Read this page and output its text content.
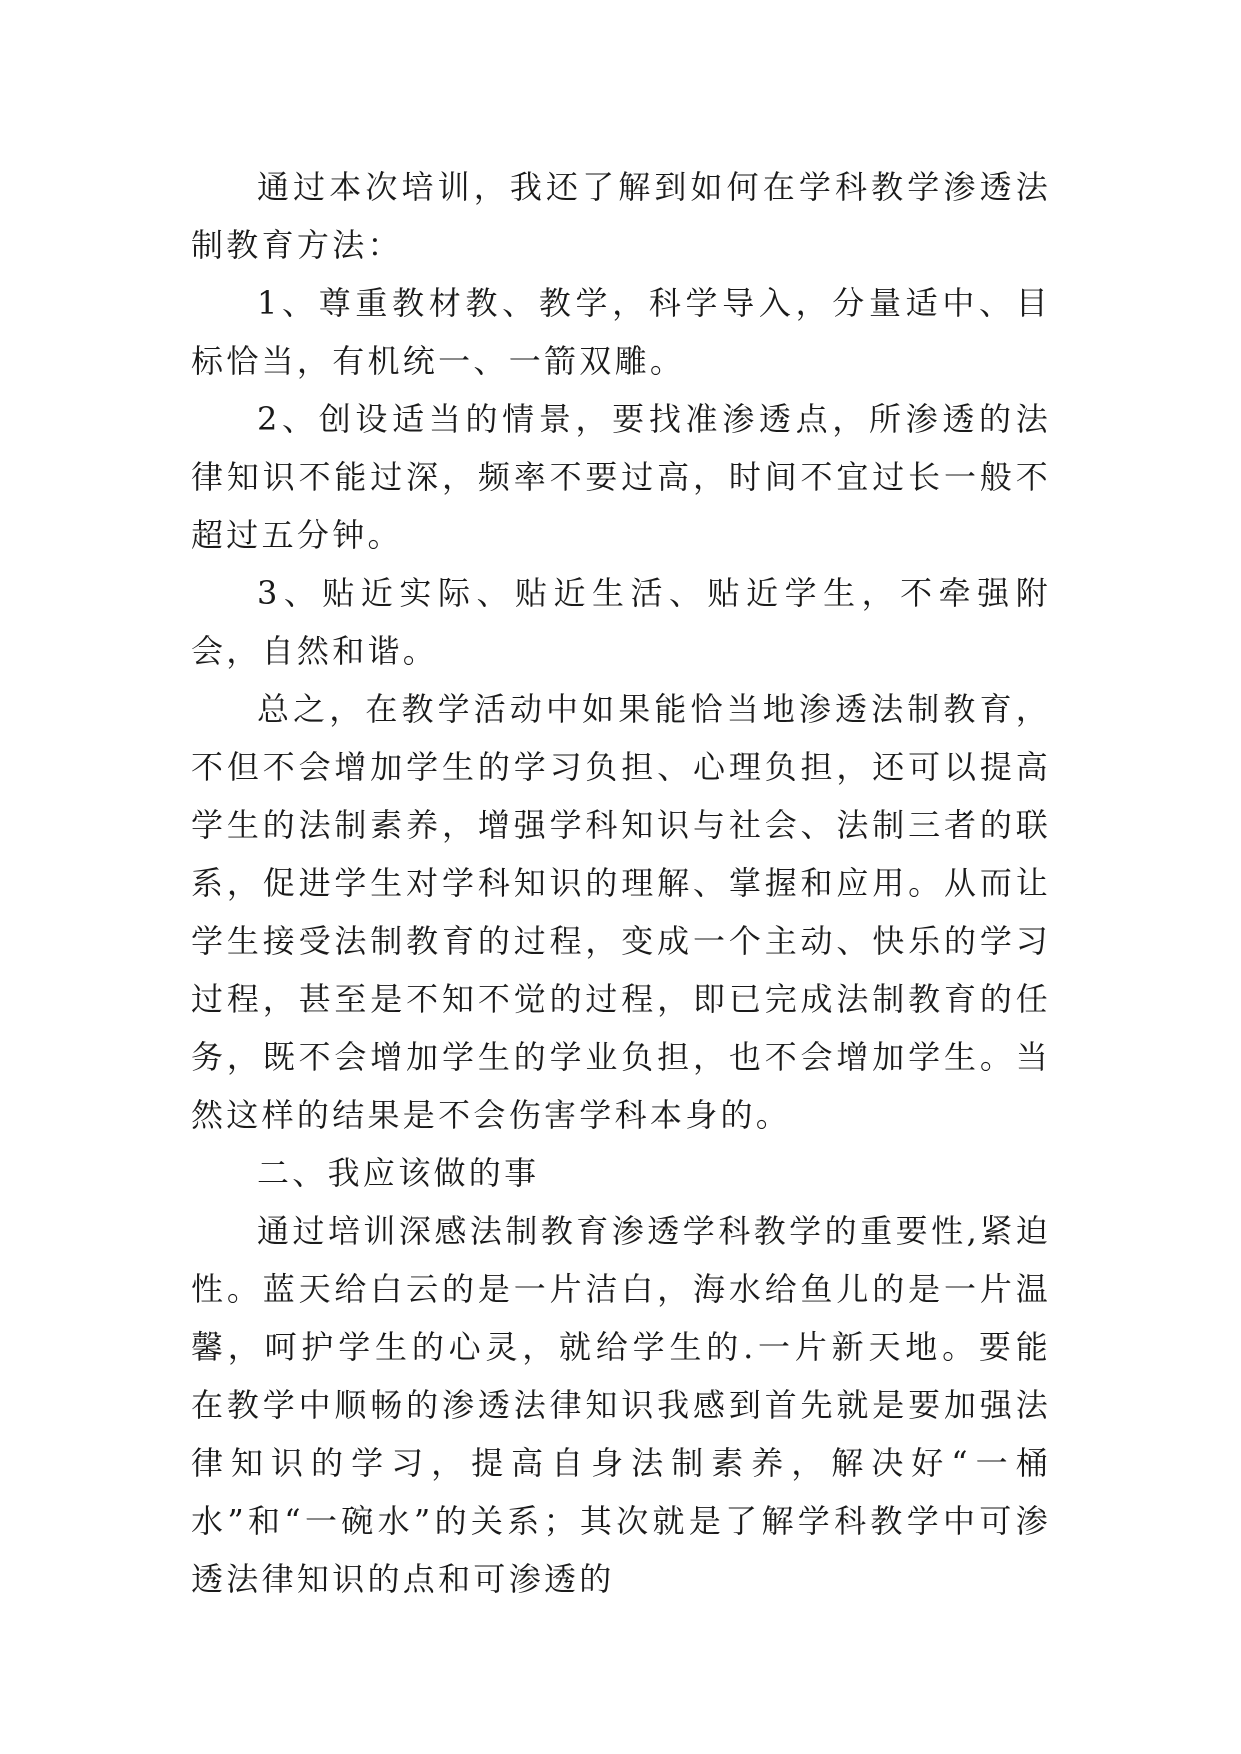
通过本次培训，我还了解到如何在学科教学渗透法制教育方法：

1、尊重教材教、教学，科学导入，分量适中、目标恰当，有机统一、一箭双雕。

2、创设适当的情景，要找准渗透点，所渗透的法律知识不能过深，频率不要过高，时间不宜过长一般不超过五分钟。

3、贴近实际、贴近生活、贴近学生，不牵强附会，自然和谐。

总之，在教学活动中如果能恰当地渗透法制教育，不但不会增加学生的学习负担、心理负担，还可以提高学生的法制素养，增强学科知识与社会、法制三者的联系，促进学生对学科知识的理解、掌握和应用。从而让学生接受法制教育的过程，变成一个主动、快乐的学习过程，甚至是不知不觉的过程，即已完成法制教育的任务，既不会增加学生的学业负担，也不会增加学生。当然这样的结果是不会伤害学科本身的。

二、我应该做的事

通过培训深感法制教育渗透学科教学的重要性,紧迫性。蓝天给白云的是一片洁白，海水给鱼儿的是一片温馨，呵护学生的心灵，就给学生的.一片新天地。要能在教学中顺畅的渗透法律知识我感到首先就是要加强法律知识的学习，提高自身法制素养，解决好“一桶水”和“一碗水”的关系；其次就是了解学科教学中可渗透法律知识的点和可渗透的
